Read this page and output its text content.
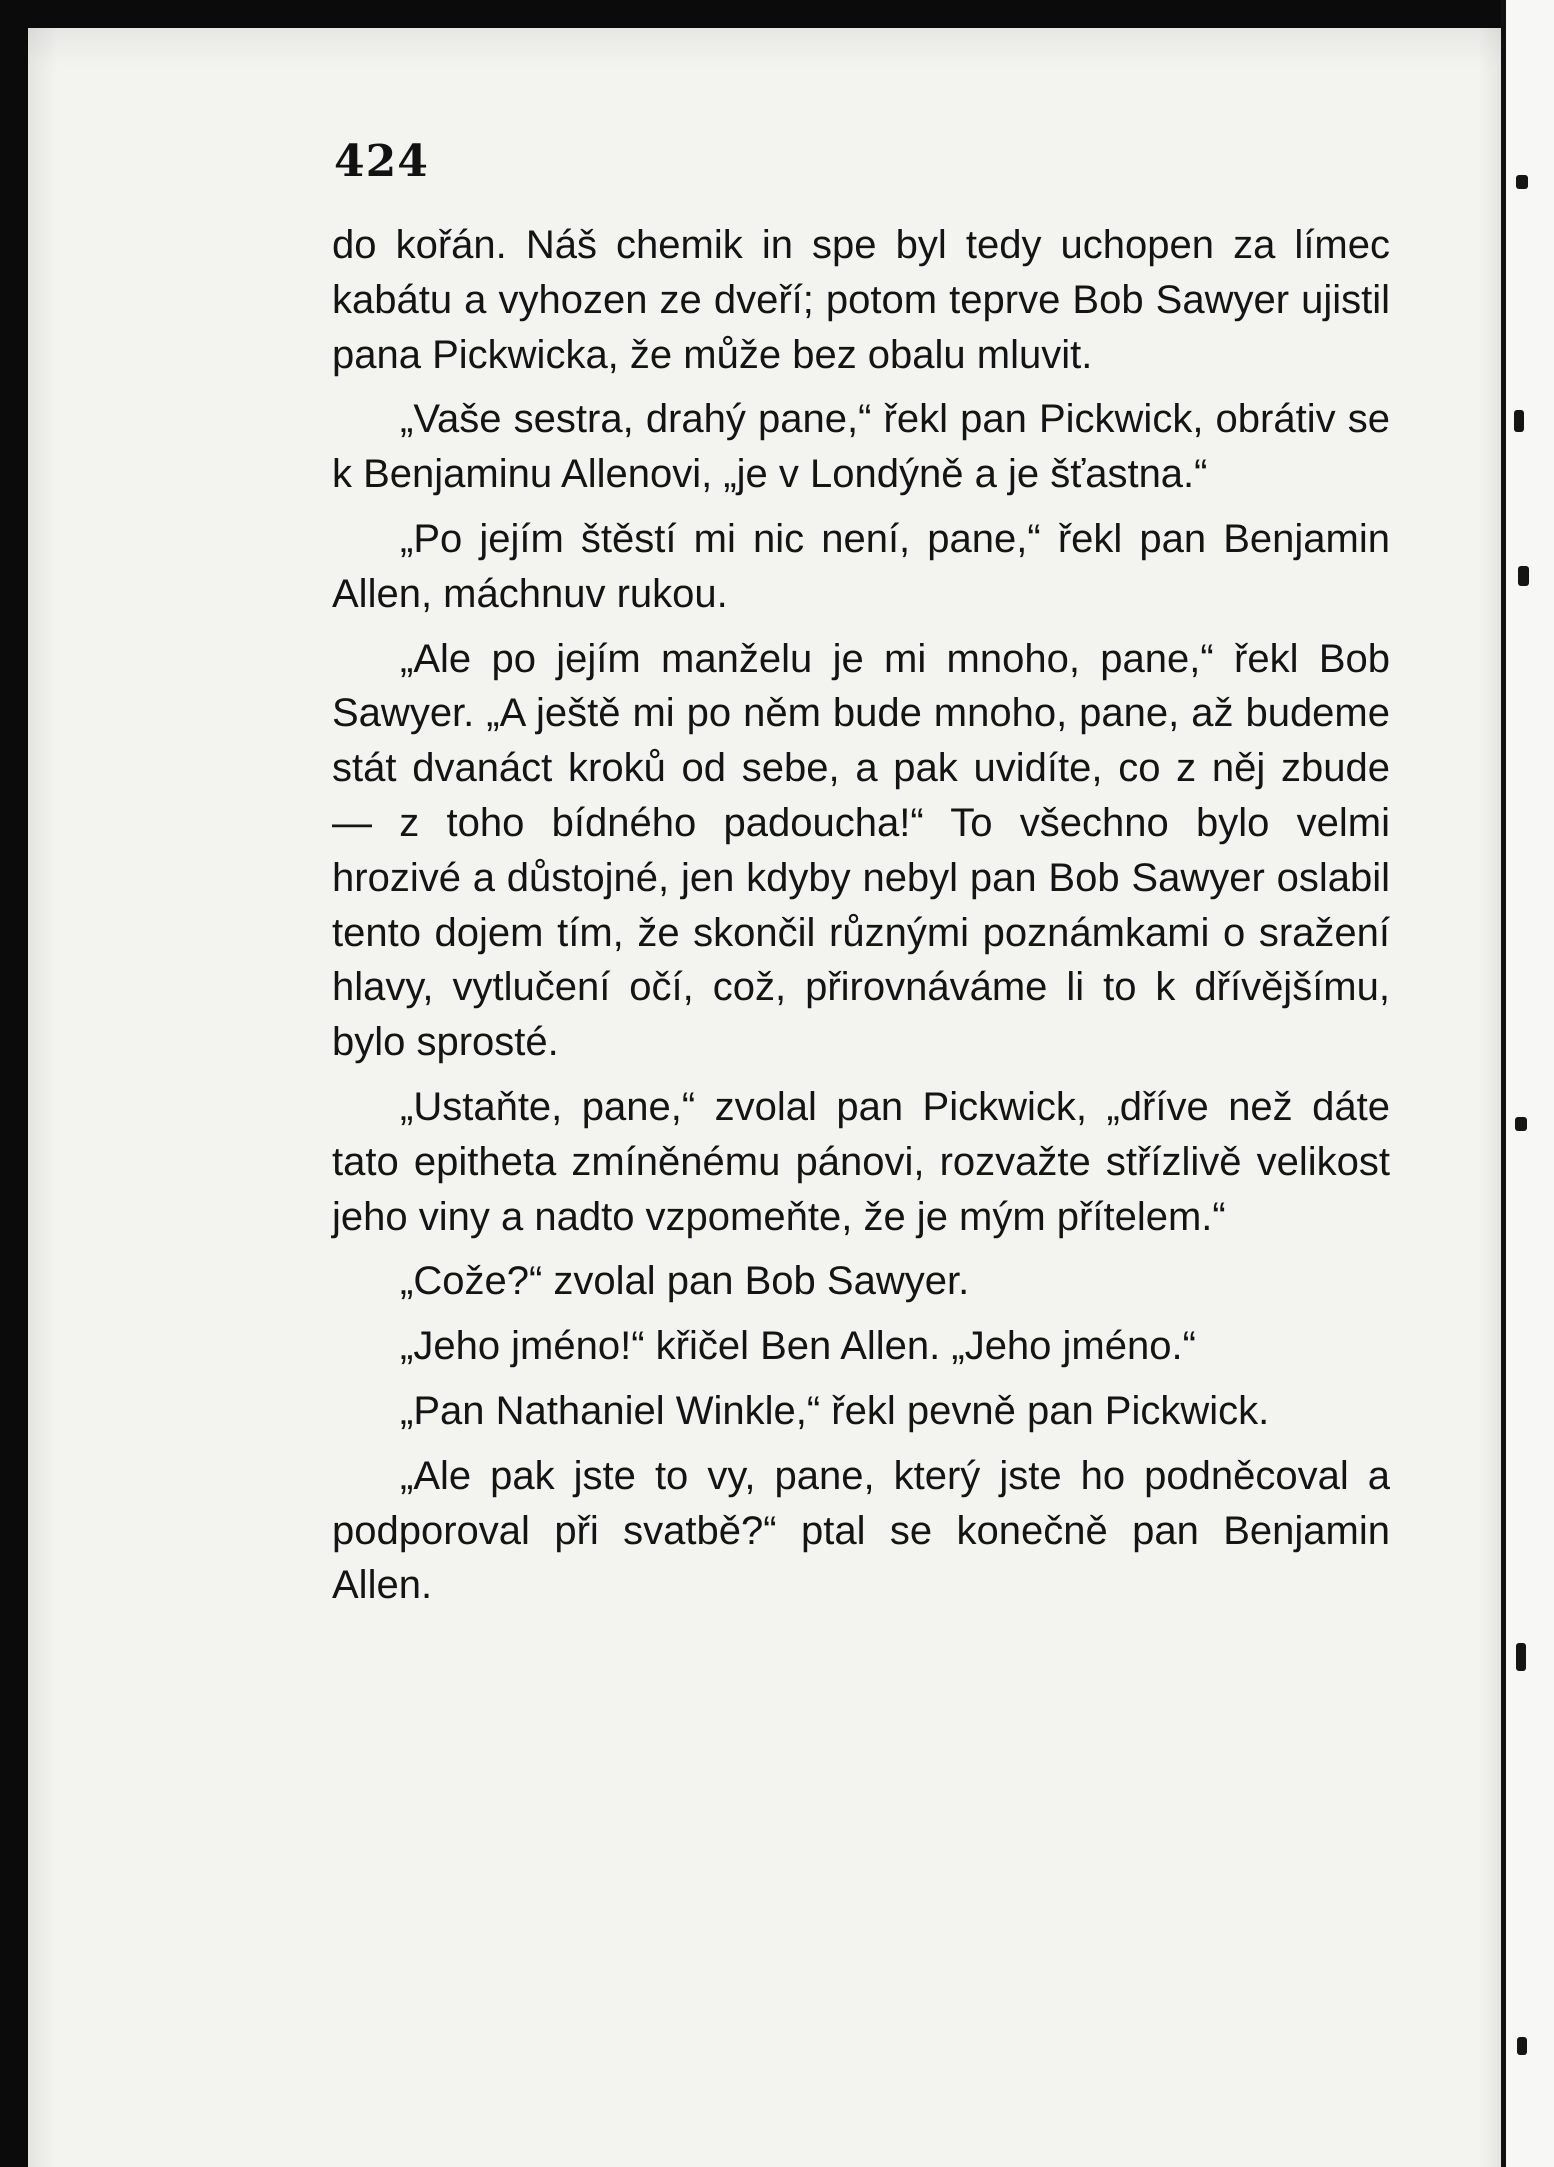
424

do kořán. Náš chemik in spe byl tedy uchopen za límec kabátu a vyhozen ze dveří; potom teprve Bob Sawyer ujistil pana Pickwicka, že může bez obalu mluvit.

„Vaše sestra, drahý pane,“ řekl pan Pickwick, obrátiv se k Benjaminu Allenovi, „je v Londýně a je šťastna.“

„Po jejím štěstí mi nic není, pane,“ řekl pan Benjamin Allen, máchnuv rukou.

„Ale po jejím manželu je mi mnoho, pane,“ řekl Bob Sawyer. „A ještě mi po něm bude mnoho, pane, až budeme stát dvanáct kroků od sebe, a pak uvidíte, co z něj zbude — z toho bídného padoucha!“ To všechno bylo velmi hrozivé a důstojné, jen kdyby nebyl pan Bob Sawyer oslabil tento dojem tím, že skončil různými poznámkami o sražení hlavy, vytlučení očí, což, přirovnáváme li to k dřívějšímu, bylo sprosté.

„Ustaňte, pane,“ zvolal pan Pickwick, „dříve než dáte tato epitheta zmíněnému pánovi, rozvažte střízlivě velikost jeho viny a nadto vzpomeňte, že je mým přítelem.“

„Cože?“ zvolal pan Bob Sawyer.

„Jeho jméno!“ křičel Ben Allen. „Jeho jméno.“

„Pan Nathaniel Winkle,“ řekl pevně pan Pickwick.

„Ale pak jste to vy, pane, který jste ho podněcoval a podporoval při svatbě?“ ptal se konečně pan Benjamin Allen.
